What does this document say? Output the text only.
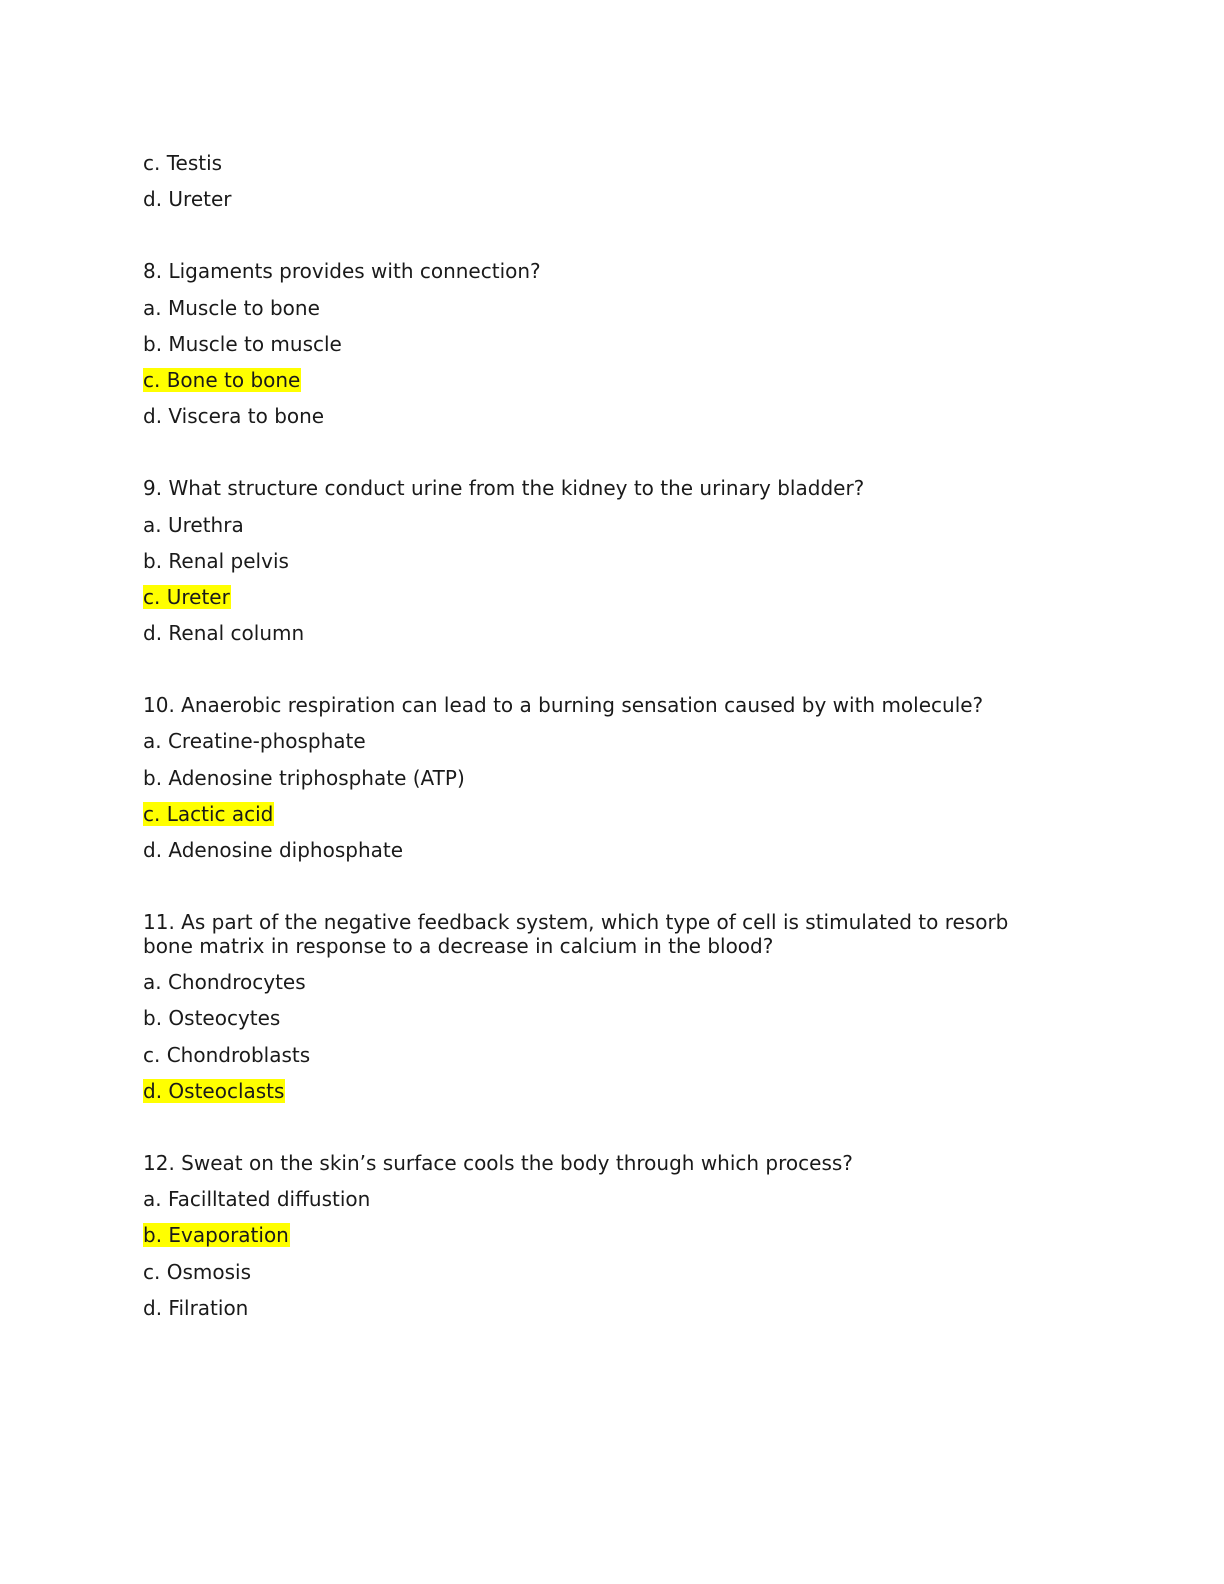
c. Testis
d. Ureter
8. Ligaments provides with connection?
a. Muscle to bone
b. Muscle to muscle
c. Bone to bone
d. Viscera to bone
9. What structure conduct urine from the kidney to the urinary bladder?
a. Urethra
b. Renal pelvis
c. Ureter
d. Renal column
10. Anaerobic respiration can lead to a burning sensation caused by with molecule?
a. Creatine-phosphate
b. Adenosine triphosphate (ATP)
c. Lactic acid
d. Adenosine diphosphate
11. As part of the negative feedback system, which type of cell is stimulated to resorb bone matrix in response to a decrease in calcium in the blood?
a. Chondrocytes
b. Osteocytes
c. Chondroblasts
d. Osteoclasts
12. Sweat on the skin’s surface cools the body through which process?
a. Facilltated diffustion
b. Evaporation
c. Osmosis
d. Filration
